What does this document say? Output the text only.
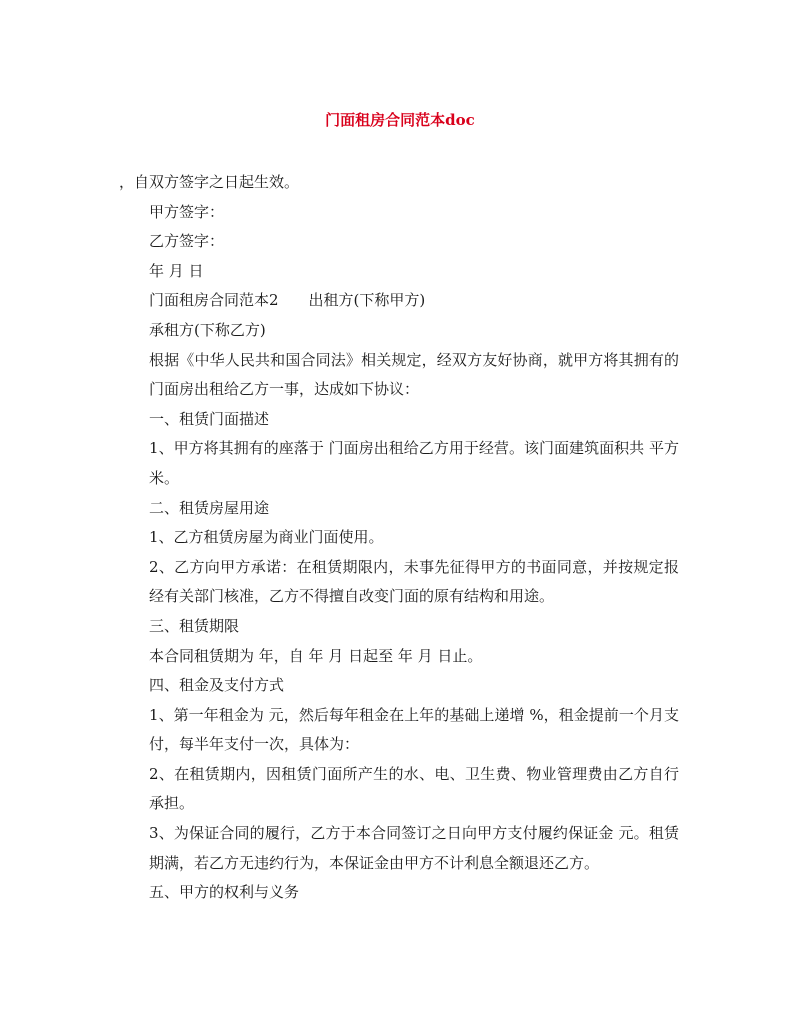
门面租房合同范本doc

，自双方签字之日起生效。

甲方签字：

乙方签字：

年 月 日

门面租房合同范本2 出租方(下称甲方)

承租方(下称乙方)

根据《中华人民共和国合同法》相关规定，经双方友好协商，就甲方将其拥有的门面房出租给乙方一事，达成如下协议：

一、租赁门面描述

1、甲方将其拥有的座落于 门面房出租给乙方用于经营。该门面建筑面积共 平方米。

二、租赁房屋用途

1、乙方租赁房屋为商业门面使用。

2、乙方向甲方承诺：在租赁期限内，未事先征得甲方的书面同意，并按规定报经有关部门核准，乙方不得擅自改变门面的原有结构和用途。

三、租赁期限

本合同租赁期为 年，自 年 月 日起至 年 月 日止。

四、租金及支付方式

1、第一年租金为 元，然后每年租金在上年的基础上递增 %，租金提前一个月支付，每半年支付一次，具体为：

2、在租赁期内，因租赁门面所产生的水、电、卫生费、物业管理费由乙方自行承担。

3、为保证合同的履行，乙方于本合同签订之日向甲方支付履约保证金 元。租赁期满，若乙方无违约行为，本保证金由甲方不计利息全额退还乙方。

五、甲方的权利与义务
